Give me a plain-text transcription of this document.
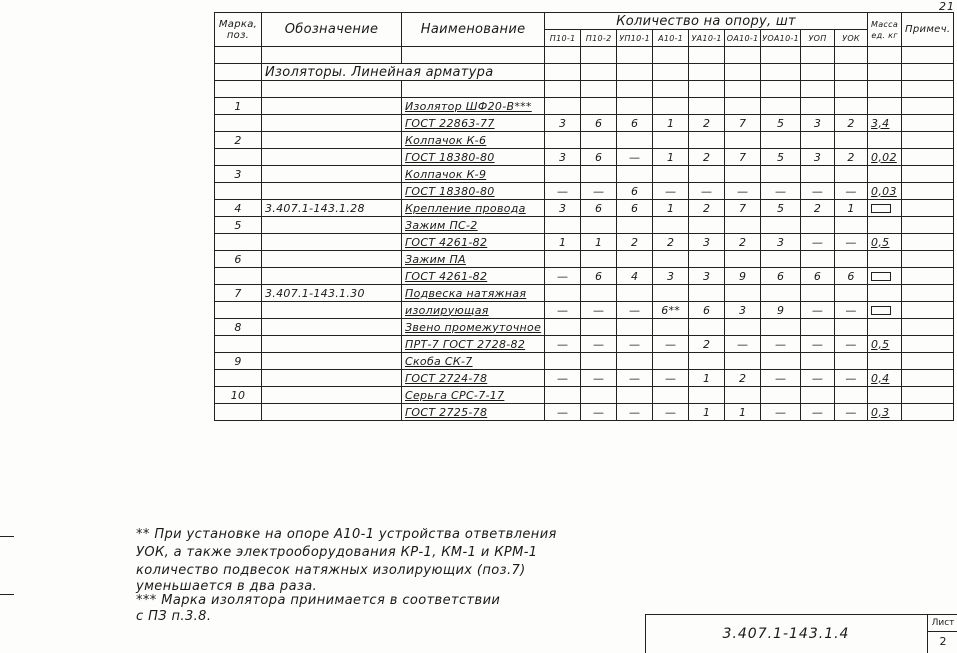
21
Марка, поз.	Обозначение	Наименование	Количество на опору, шт									Масса ед. кг	Примеч.
			П10-1	П10-2	УП10-1	А10-1	УА10-1	ОА10-1	УОА10-1	УОП	УОК		

	Изоляторы. Линейная арматура												

1		Изолятор ШФ20-В***											
		ГОСТ 22863-77	3	6	6	1	2	7	5	3	2	3,4	
2		Колпачок К-6											
		ГОСТ 18380-80	3	6	—	1	2	7	5	3	2	0,02	
3		Колпачок К-9											
		ГОСТ 18380-80	—	—	6	—	—	—	—	—	—	0,03	
4	3.407.1-143.1.28	Крепление провода	3	6	6	1	2	7	5	2	1		
5		Зажим ПС-2											
		ГОСТ 4261-82	1	1	2	2	3	2	3	—	—	0,5	
6		Зажим ПА											
		ГОСТ 4261-82	—	6	4	3	3	9	6	6	6		
7	3.407.1-143.1.30	Подвеска натяжная											
		изолирующая	—	—	—	6**	6	3	9	—	—		
8		Звено промежуточное											
		ПРТ-7 ГОСТ 2728-82	—	—	—	—	2	—	—	—	—	0,5	
9		Скоба СК-7											
		ГОСТ 2724-78	—	—	—	—	1	2	—	—	—	0,4	
10		Серьга СРС-7-17											
		ГОСТ 2725-78	—	—	—	—	1	1	—	—	—	0,3	
** При установке на опоре А10-1 устройства ответвления
УОК, а также электрооборудования КР-1, КМ-1 и КРМ-1
количество подвесок натяжных изолирующих (поз.7)
уменьшается в два раза.
*** Марка изолятора принимается в соответствии
с ПЗ п.3.8.
3.407.1-143.1.4
Лист
2
